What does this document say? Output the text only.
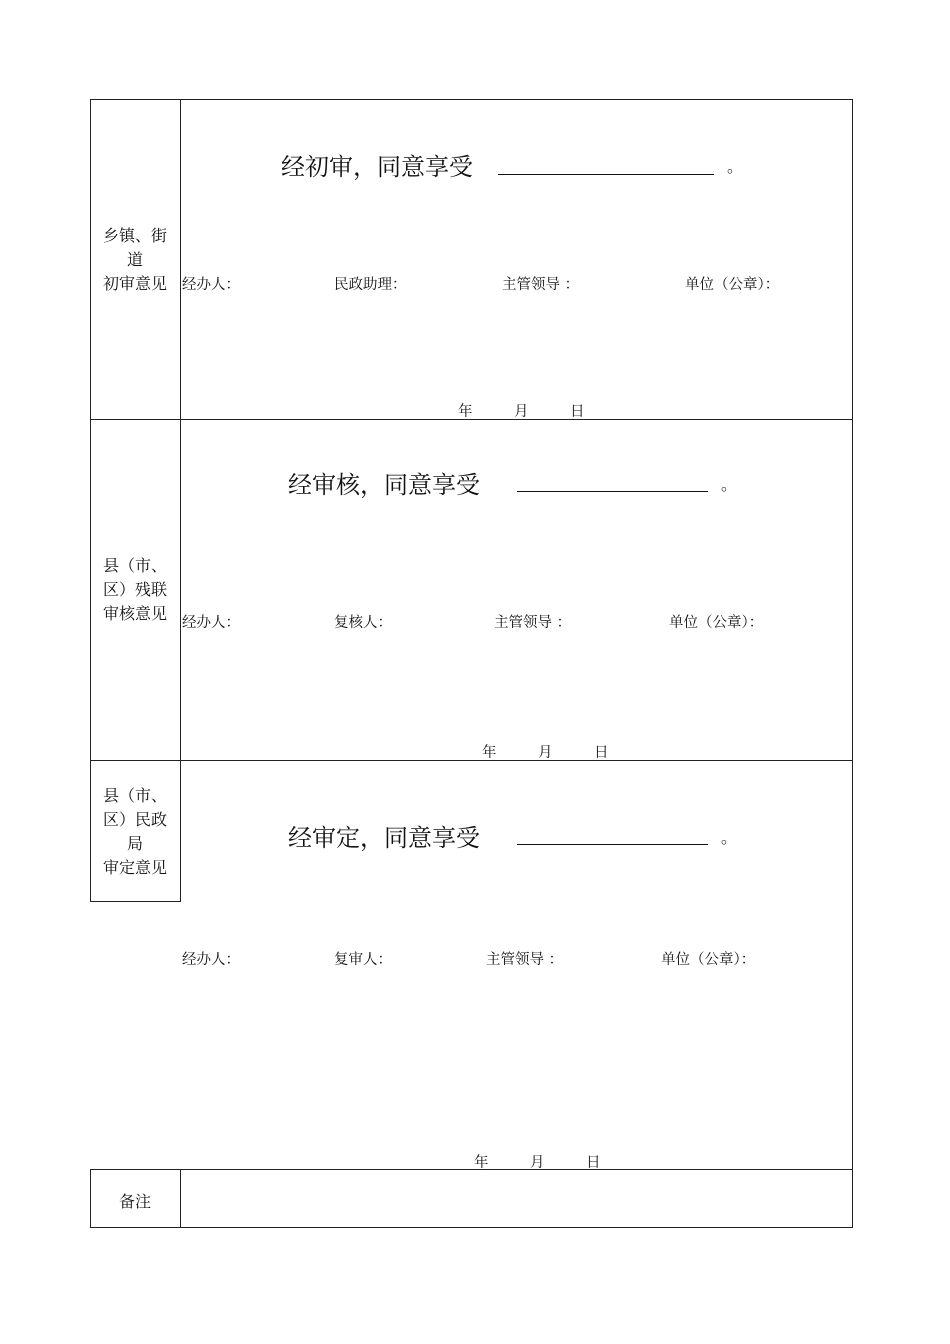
乡镇、街
道
初审意见
经初审，同意享受	。
经办人：	民政助理：	主管领导 ：	单位（公章）：
年	月	日
县（市、
区）残联
审核意见
经审核，同意享受	。
经办人：	复核人：	主管领导 ：	单位（公章）：
年	月	日
县（市、
区）民政
局
审定意见
经审定，同意享受	。
经办人：	复审人：	主管领导 ：	单位（公章）：
年	月	日
备注
